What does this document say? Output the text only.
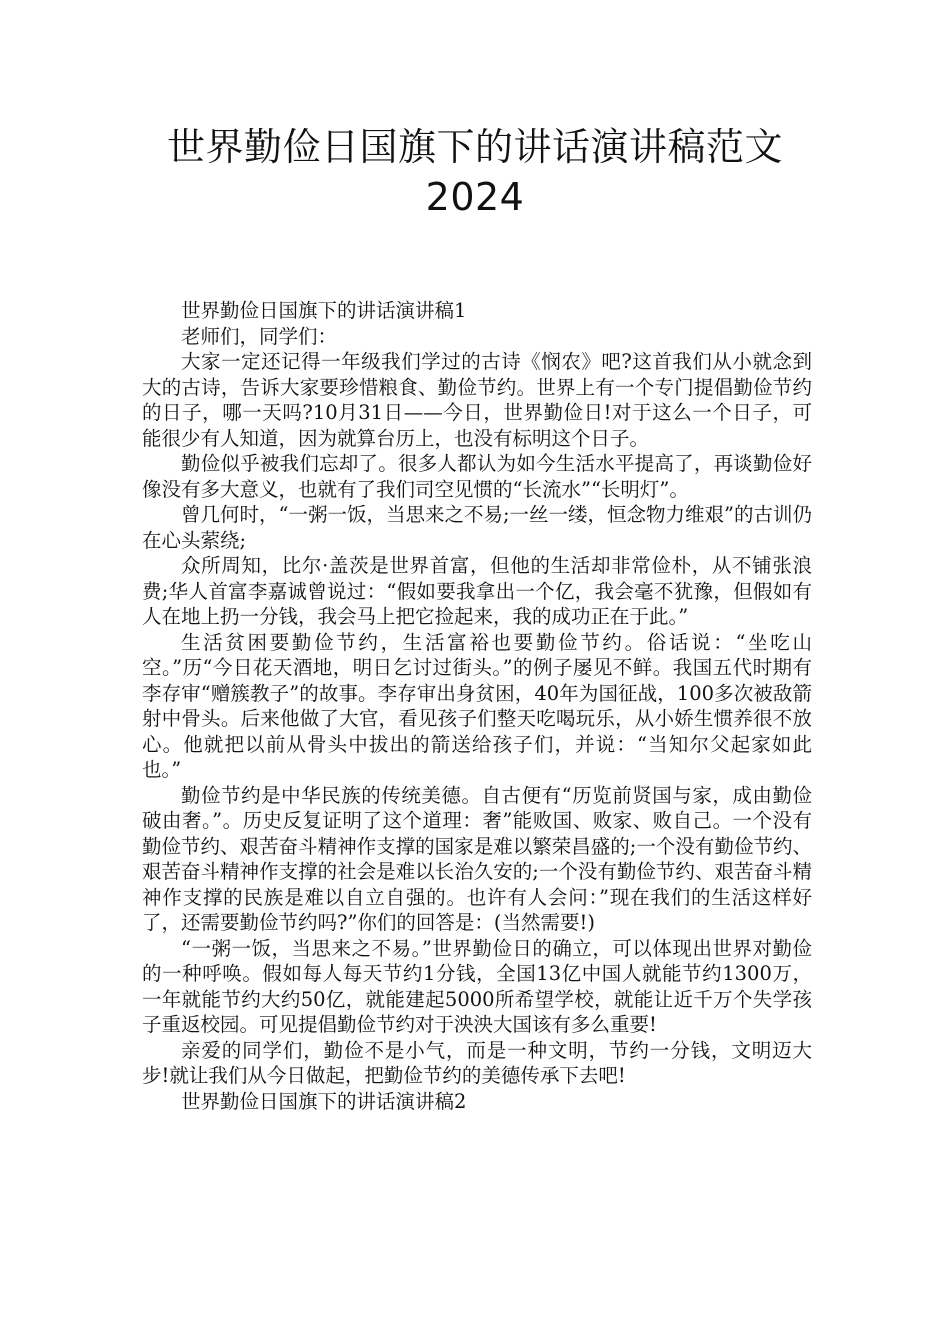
世界勤俭日国旗下的讲话演讲稿范文
2024

世界勤俭日国旗下的讲话演讲稿1

老师们，同学们：

大家一定还记得一年级我们学过的古诗《悯农》吧?这首我们从小就念到大的古诗，告诉大家要珍惜粮食、勤俭节约。世界上有一个专门提倡勤俭节约的日子，哪一天吗?10月31日——今日，世界勤俭日!对于这么一个日子，可能很少有人知道，因为就算台历上，也没有标明这个日子。

勤俭似乎被我们忘却了。很多人都认为如今生活水平提高了，再谈勤俭好像没有多大意义，也就有了我们司空见惯的“长流水”“长明灯”。

曾几何时，“一粥一饭，当思来之不易;一丝一缕，恒念物力维艰”的古训仍在心头萦绕;

众所周知，比尔·盖茨是世界首富，但他的生活却非常俭朴，从不铺张浪费;华人首富李嘉诚曾说过：“假如要我拿出一个亿，我会毫不犹豫，但假如有人在地上扔一分钱，我会马上把它捡起来，我的成功正在于此。”

生活贫困要勤俭节约，生活富裕也要勤俭节约。俗话说：“坐吃山空。”历“今日花天酒地，明日乞讨过街头。”的例子屡见不鲜。我国五代时期有李存审“赠簇教子”的故事。李存审出身贫困，40年为国征战，100多次被敌箭射中骨头。后来他做了大官，看见孩子们整天吃喝玩乐，从小娇生惯养很不放心。他就把以前从骨头中拔出的箭送给孩子们，并说：“当知尔父起家如此也。”

勤俭节约是中华民族的传统美德。自古便有“历览前贤国与家，成由勤俭破由奢。”。历史反复证明了这个道理：奢”能败国、败家、败自己。一个没有勤俭节约、艰苦奋斗精神作支撑的国家是难以繁荣昌盛的;一个没有勤俭节约、艰苦奋斗精神作支撑的社会是难以长治久安的;一个没有勤俭节约、艰苦奋斗精神作支撑的民族是难以自立自强的。也许有人会问：”现在我们的生活这样好了，还需要勤俭节约吗?”你们的回答是：(当然需要!)

“一粥一饭，当思来之不易。”世界勤俭日的确立，可以体现出世界对勤俭的一种呼唤。假如每人每天节约1分钱，全国13亿中国人就能节约1300万，一年就能节约大约50亿，就能建起5000所希望学校，就能让近千万个失学孩子重返校园。可见提倡勤俭节约对于泱泱大国该有多么重要!

亲爱的同学们，勤俭不是小气，而是一种文明，节约一分钱，文明迈大步!就让我们从今日做起，把勤俭节约的美德传承下去吧!

世界勤俭日国旗下的讲话演讲稿2
